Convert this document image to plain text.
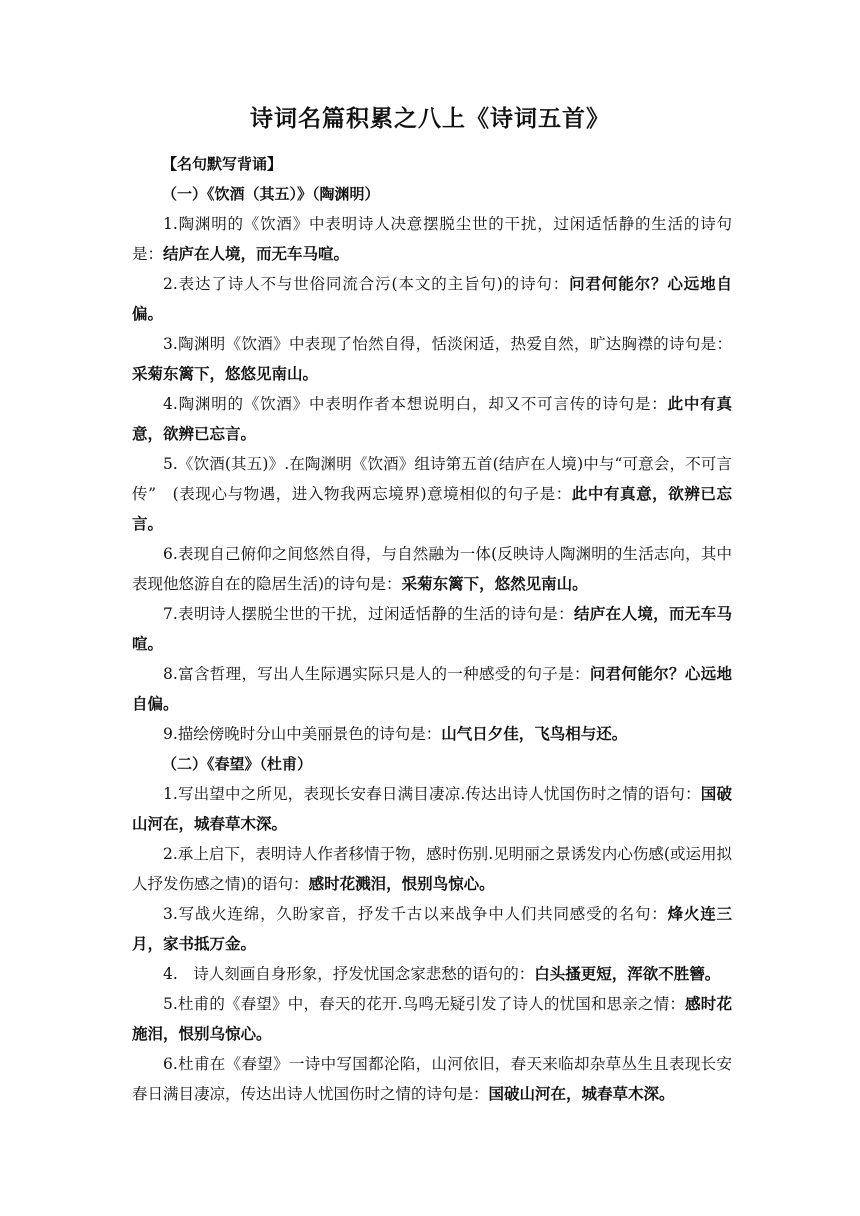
诗词名篇积累之八上《诗词五首》

【名句默写背诵】

（一）《饮酒（其五）》（陶渊明）

1.陶渊明的《饮酒》中表明诗人决意摆脱尘世的干扰，过闲适恬静的生活的诗句是：结庐在人境，而无车马喧。

2.表达了诗人不与世俗同流合污(本文的主旨句)的诗句：问君何能尔？心远地自偏。

3.陶渊明《饮酒》中表现了怡然自得，恬淡闲适，热爱自然，旷达胸襟的诗句是：采菊东篱下，悠悠见南山。

4.陶渊明的《饮酒》中表明作者本想说明白，却又不可言传的诗句是：此中有真意，欲辨已忘言。

5.《饮酒(其五)》.在陶渊明《饮酒》组诗第五首(结庐在人境)中与“可意会，不可言传”　(表现心与物遇，进入物我两忘境界)意境相似的句子是：此中有真意，欲辨已忘言。

6.表现自己俯仰之间悠然自得，与自然融为一体(反映诗人陶渊明的生活志向，其中表现他悠游自在的隐居生活)的诗句是：采菊东篱下，悠然见南山。

7.表明诗人摆脱尘世的干扰，过闲适恬静的生活的诗句是：结庐在人境，而无车马喧。

8.富含哲理，写出人生际遇实际只是人的一种感受的句子是：问君何能尔？心远地自偏。

9.描绘傍晚时分山中美丽景色的诗句是：山气日夕佳，飞鸟相与还。

（二）《春望》（杜甫）

1.写出望中之所见，表现长安春日满目凄凉.传达出诗人忧国伤时之情的语句：国破山河在，城春草木深。

2.承上启下，表明诗人作者移情于物，感时伤别.见明丽之景诱发内心伤感(或运用拟人抒发伤感之情)的语句：感时花溅泪，恨别鸟惊心。

3.写战火连绵，久盼家音，抒发千古以来战争中人们共同感受的名句：烽火连三月，家书抵万金。

4.　诗人刻画自身形象，抒发忧国念家悲愁的语句的：白头搔更短，浑欲不胜簪。

5.杜甫的《春望》中，春天的花开.鸟鸣无疑引发了诗人的忧国和思亲之情：感时花施泪，恨别乌惊心。

6.杜甫在《春望》一诗中写国都沦陷，山河依旧，春天来临却杂草丛生且表现长安春日满目凄凉，传达出诗人忧国伤时之情的诗句是：国破山河在，城春草木深。
